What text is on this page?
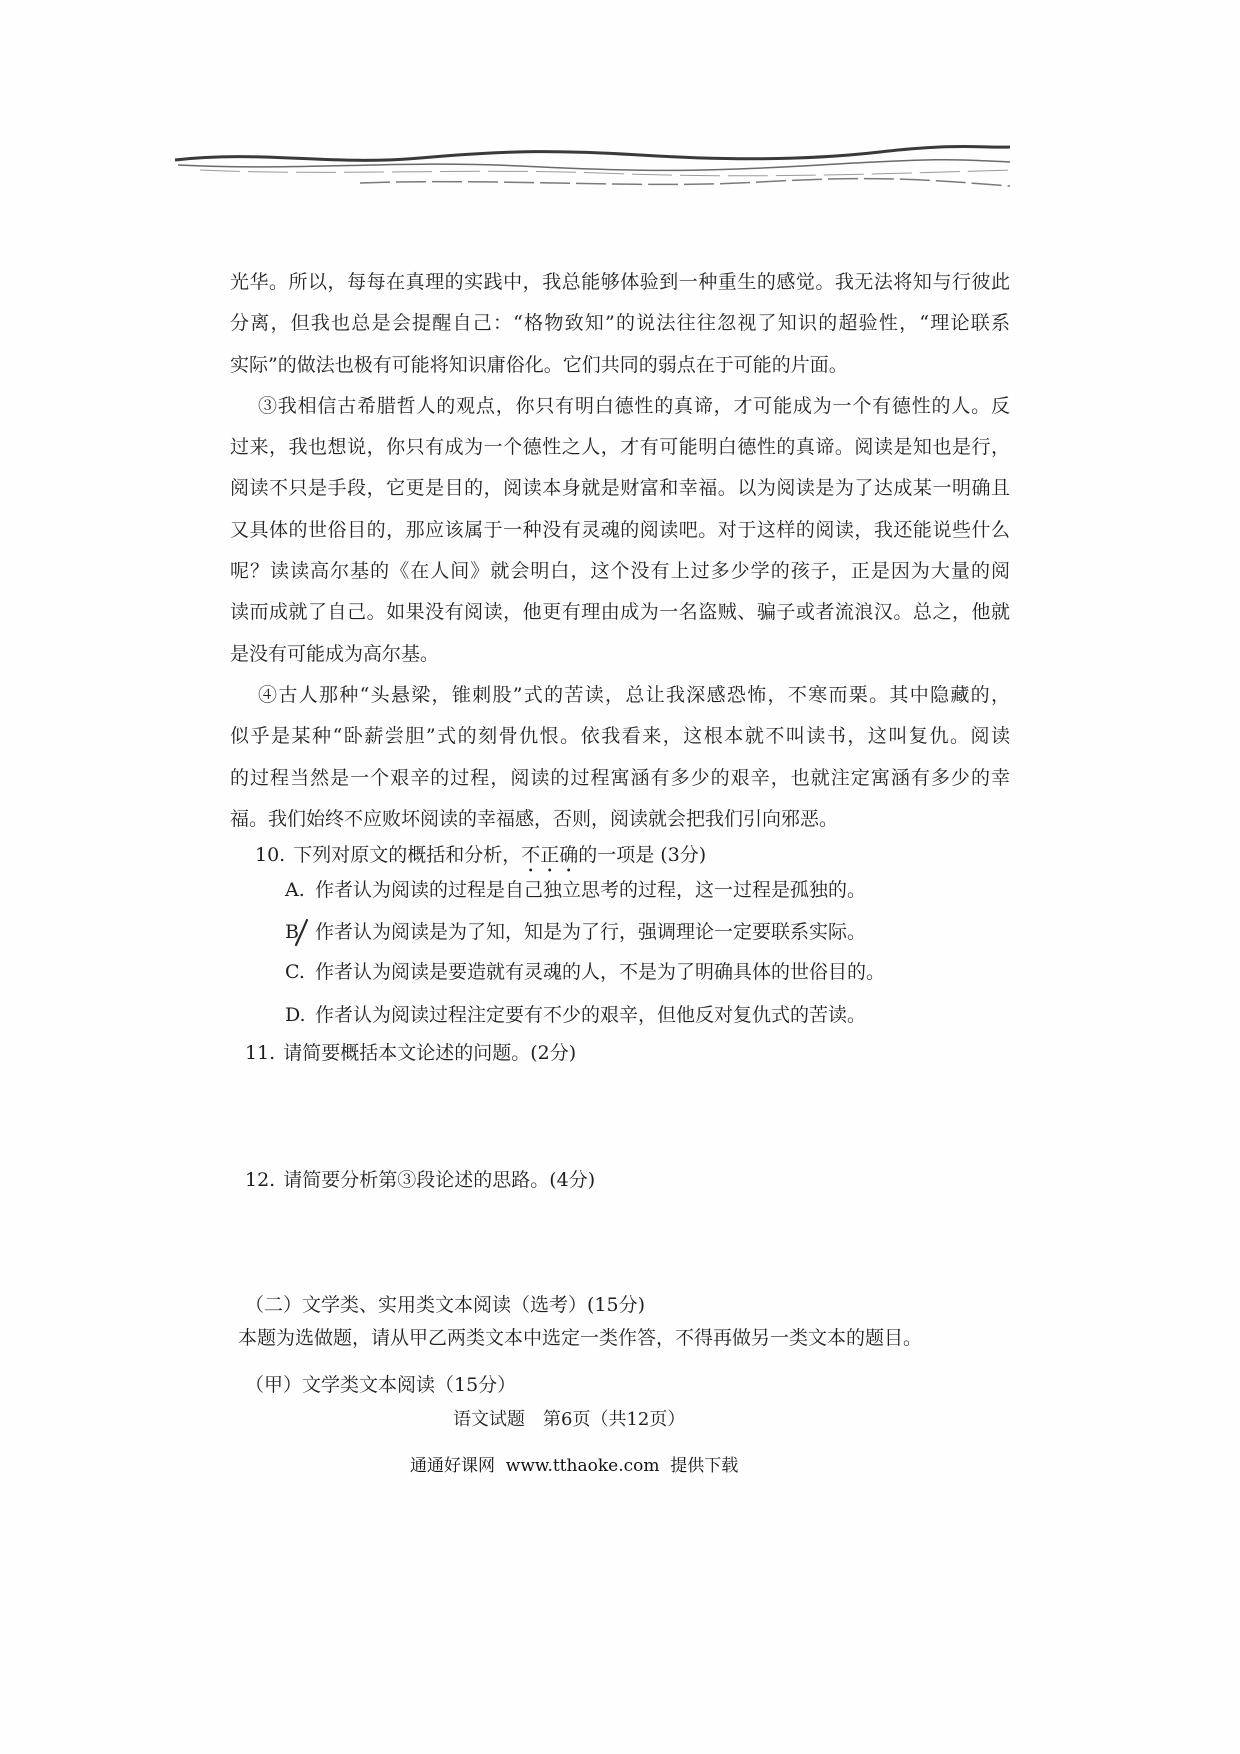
光华。所以，每每在真理的实践中，我总能够体验到一种重生的感觉。我无法将知与行彼此
分离，但我也总是会提醒自己：“格物致知”的说法往往忽视了知识的超验性，“理论联系
实际”的做法也极有可能将知识庸俗化。它们共同的弱点在于可能的片面。
③我相信古希腊哲人的观点，你只有明白德性的真谛，才可能成为一个有德性的人。反
过来，我也想说，你只有成为一个德性之人，才有可能明白德性的真谛。阅读是知也是行，
阅读不只是手段，它更是目的，阅读本身就是财富和幸福。以为阅读是为了达成某一明确且
又具体的世俗目的，那应该属于一种没有灵魂的阅读吧。对于这样的阅读，我还能说些什么
呢？读读高尔基的《在人间》就会明白，这个没有上过多少学的孩子，正是因为大量的阅
读而成就了自己。如果没有阅读，他更有理由成为一名盗贼、骗子或者流浪汉。总之，他就
是没有可能成为高尔基。
④古人那种“头悬梁，锥刺股”式的苦读，总让我深感恐怖，不寒而栗。其中隐藏的，
似乎是某种“卧薪尝胆”式的刻骨仇恨。依我看来，这根本就不叫读书，这叫复仇。阅读
的过程当然是一个艰辛的过程，阅读的过程寓涵有多少的艰辛，也就注定寓涵有多少的幸
福。我们始终不应败坏阅读的幸福感，否则，阅读就会把我们引向邪恶。
10. 下列对原文的概括和分析，不正确的一项是 (3分)
A. 作者认为阅读的过程是自己独立思考的过程，这一过程是孤独的。
B 作者认为阅读是为了知，知是为了行，强调理论一定要联系实际。
C. 作者认为阅读是要造就有灵魂的人，不是为了明确具体的世俗目的。
D. 作者认为阅读过程注定要有不少的艰辛，但他反对复仇式的苦读。
11. 请简要概括本文论述的问题。(2分)
12. 请简要分析第③段论述的思路。(4分)
（二）文学类、实用类文本阅读（选考）(15分)
本题为选做题，请从甲乙两类文本中选定一类作答，不得再做另一类文本的题目。
（甲）文学类文本阅读（15分）
语文试题　第6页（共12页）
通通好课网  www.tthaoke.com  提供下载
